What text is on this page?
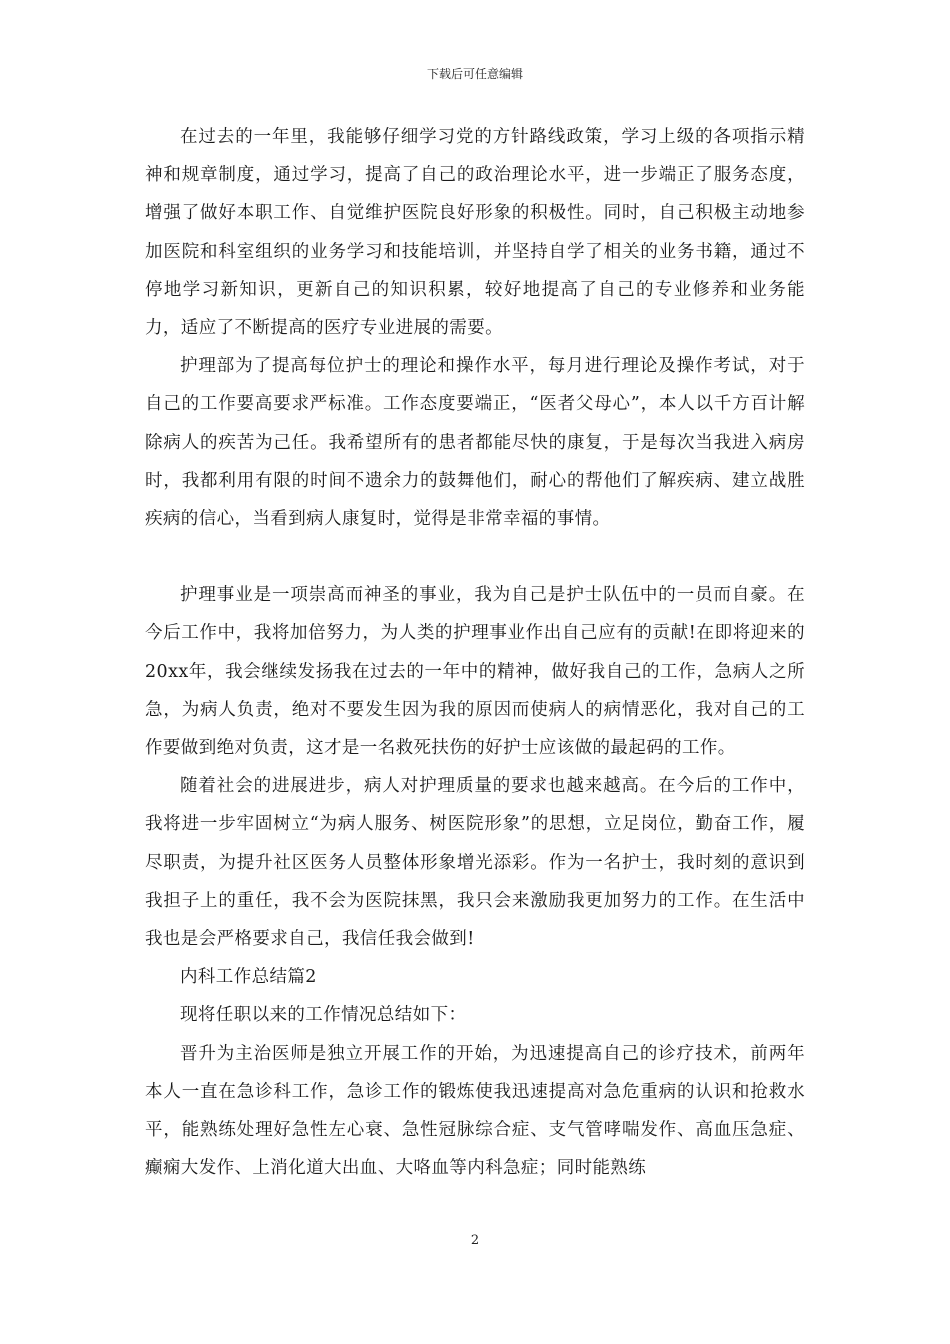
下载后可任意编辑

在过去的一年里，我能够仔细学习党的方针路线政策，学习上级的各项指示精神和规章制度，通过学习，提高了自己的政治理论水平，进一步端正了服务态度，增强了做好本职工作、自觉维护医院良好形象的积极性。同时，自己积极主动地参加医院和科室组织的业务学习和技能培训，并坚持自学了相关的业务书籍，通过不停地学习新知识，更新自己的知识积累，较好地提高了自己的专业修养和业务能力，适应了不断提高的医疗专业进展的需要。

护理部为了提高每位护士的理论和操作水平，每月进行理论及操作考试，对于自己的工作要高要求严标准。工作态度要端正，“医者父母心”，本人以千方百计解除病人的疾苦为己任。我希望所有的患者都能尽快的康复，于是每次当我进入病房时，我都利用有限的时间不遗余力的鼓舞他们，耐心的帮他们了解疾病、建立战胜疾病的信心，当看到病人康复时，觉得是非常幸福的事情。

护理事业是一项崇高而神圣的事业，我为自己是护士队伍中的一员而自豪。在今后工作中，我将加倍努力，为人类的护理事业作出自己应有的贡献!在即将迎来的20xx年，我会继续发扬我在过去的一年中的精神，做好我自己的工作，急病人之所急，为病人负责，绝对不要发生因为我的原因而使病人的病情恶化，我对自己的工作要做到绝对负责，这才是一名救死扶伤的好护士应该做的最起码的工作。

随着社会的进展进步，病人对护理质量的要求也越来越高。在今后的工作中，我将进一步牢固树立“为病人服务、树医院形象”的思想，立足岗位，勤奋工作，履尽职责，为提升社区医务人员整体形象增光添彩。作为一名护士，我时刻的意识到我担子上的重任，我不会为医院抹黑，我只会来激励我更加努力的工作。在生活中我也是会严格要求自己，我信任我会做到!

内科工作总结篇2

现将任职以来的工作情况总结如下：

晋升为主治医师是独立开展工作的开始，为迅速提高自己的诊疗技术，前两年本人一直在急诊科工作，急诊工作的锻炼使我迅速提高对急危重病的认识和抢救水平，能熟练处理好急性左心衰、急性冠脉综合症、支气管哮喘发作、高血压急症、癫痫大发作、上消化道大出血、大咯血等内科急症；同时能熟练

2
